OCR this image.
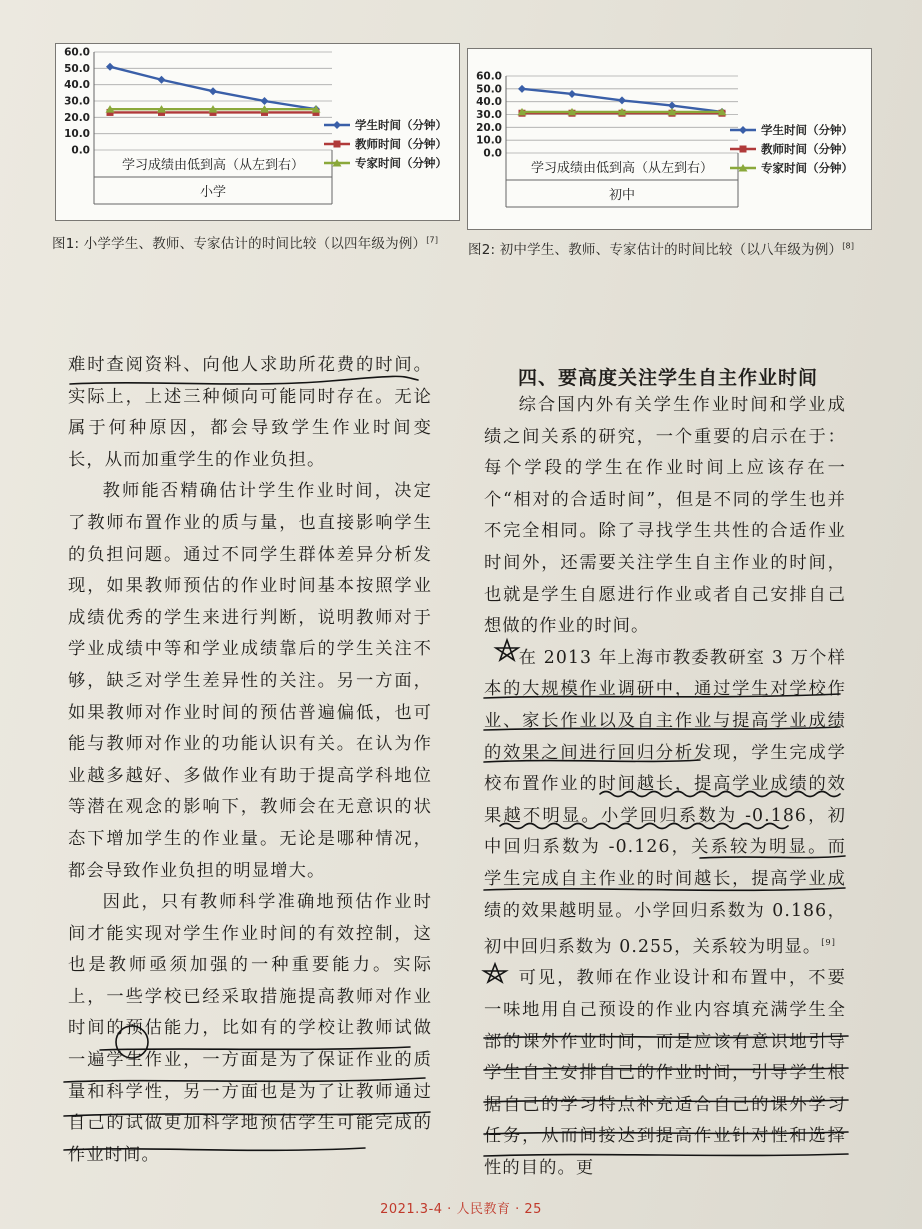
60.0
50.0
40.0
30.0
20.0
10.0
0.0
学习成绩由低到高（从左到右）
小学
学生时间（分钟）
教师时间（分钟）
专家时间（分钟）
图1: 小学学生、教师、专家估计的时间比较（以四年级为例）[7]
60.0
50.0
40.0
30.0
20.0
10.0
0.0
学习成绩由低到高（从左到右）
初中
学生时间（分钟）
教师时间（分钟）
专家时间（分钟）
图2: 初中学生、教师、专家估计的时间比较（以八年级为例）[8]

难时查阅资料、向他人求助所花费的时间。实际上，上述三种倾向可能同时存在。无论属于何种原因，都会导致学生作业时间变长，从而加重学生的作业负担。

教师能否精确估计学生作业时间，决定了教师布置作业的质与量，也直接影响学生的负担问题。通过不同学生群体差异分析发现，如果教师预估的作业时间基本按照学业成绩优秀的学生来进行判断，说明教师对于学业成绩中等和学业成绩靠后的学生关注不够，缺乏对学生差异性的关注。另一方面，如果教师对作业时间的预估普遍偏低，也可能与教师对作业的功能认识有关。在认为作业越多越好、多做作业有助于提高学科地位等潜在观念的影响下，教师会在无意识的状态下增加学生的作业量。无论是哪种情况，都会导致作业负担的明显增大。

因此，只有教师科学准确地预估作业时间才能实现对学生作业时间的有效控制，这也是教师亟须加强的一种重要能力。实际上，一些学校已经采取措施提高教师对作业时间的预估能力，比如有的学校让教师试做一遍学生作业，一方面是为了保证作业的质量和科学性，另一方面也是为了让教师通过自己的试做更加科学地预估学生可能完成的作业时间。

四、要高度关注学生自主作业时间

综合国内外有关学生作业时间和学业成绩之间关系的研究，一个重要的启示在于：每个学段的学生在作业时间上应该存在一个“相对的合适时间”，但是不同的学生也并不完全相同。除了寻找学生共性的合适作业时间外，还需要关注学生自主作业的时间，也就是学生自愿进行作业或者自己安排自己想做的作业的时间。

在 2013 年上海市教委教研室 3 万个样本的大规模作业调研中，通过学生对学校作业、家长作业以及自主作业与提高学业成绩的效果之间进行回归分析发现，学生完成学校布置作业的时间越长，提高学业成绩的效果越不明显。小学回归系数为 -0.186，初中回归系数为 -0.126，关系较为明显。而学生完成自主作业的时间越长，提高学业成绩的效果越明显。小学回归系数为 0.186，初中回归系数为 0.255，关系较为明显。[9]

可见，教师在作业设计和布置中，不要一味地用自己预设的作业内容填充满学生全部的课外作业时间，而是应该有意识地引导学生自主安排自己的作业时间，引导学生根据自己的学习特点补充适合自己的课外学习任务，从而间接达到提高作业针对性和选择性的目的。更

2021.3-4 · 人民教育 · 25
